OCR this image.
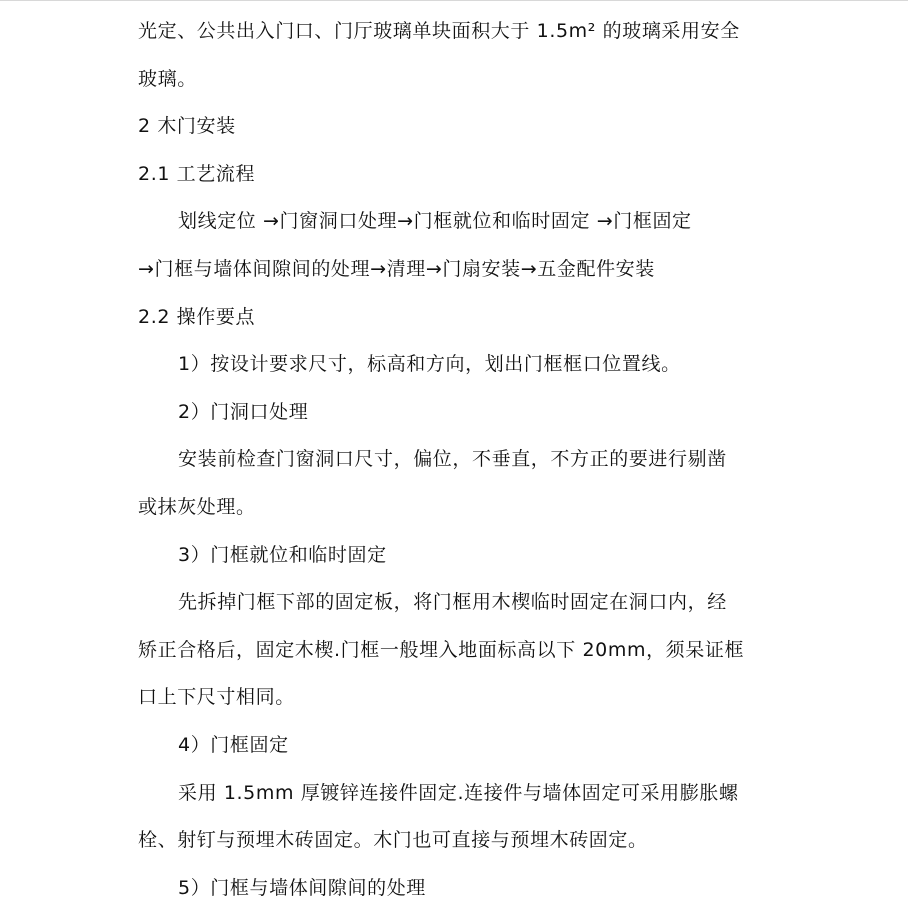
光定、公共出入门口、门厅玻璃单块面积大于 1.5m² 的玻璃采用安全
玻璃。
2 木门安装
2.1 工艺流程
划线定位 →门窗洞口处理→门框就位和临时固定 →门框固定
→门框与墙体间隙间的处理→清理→门扇安装→五金配件安装
2.2 操作要点
1）按设计要求尺寸，标高和方向，划出门框框口位置线。
2）门洞口处理
安装前检查门窗洞口尺寸，偏位，不垂直，不方正的要进行剔凿
或抹灰处理。
3）门框就位和临时固定
先拆掉门框下部的固定板，将门框用木楔临时固定在洞口内，经
矫正合格后，固定木楔.门框一般埋入地面标高以下 20mm，须呆证框
口上下尺寸相同。
4）门框固定
采用 1.5mm 厚镀锌连接件固定.连接件与墙体固定可采用膨胀螺
栓、射钉与预埋木砖固定。木门也可直接与预埋木砖固定。
5）门框与墙体间隙间的处理
